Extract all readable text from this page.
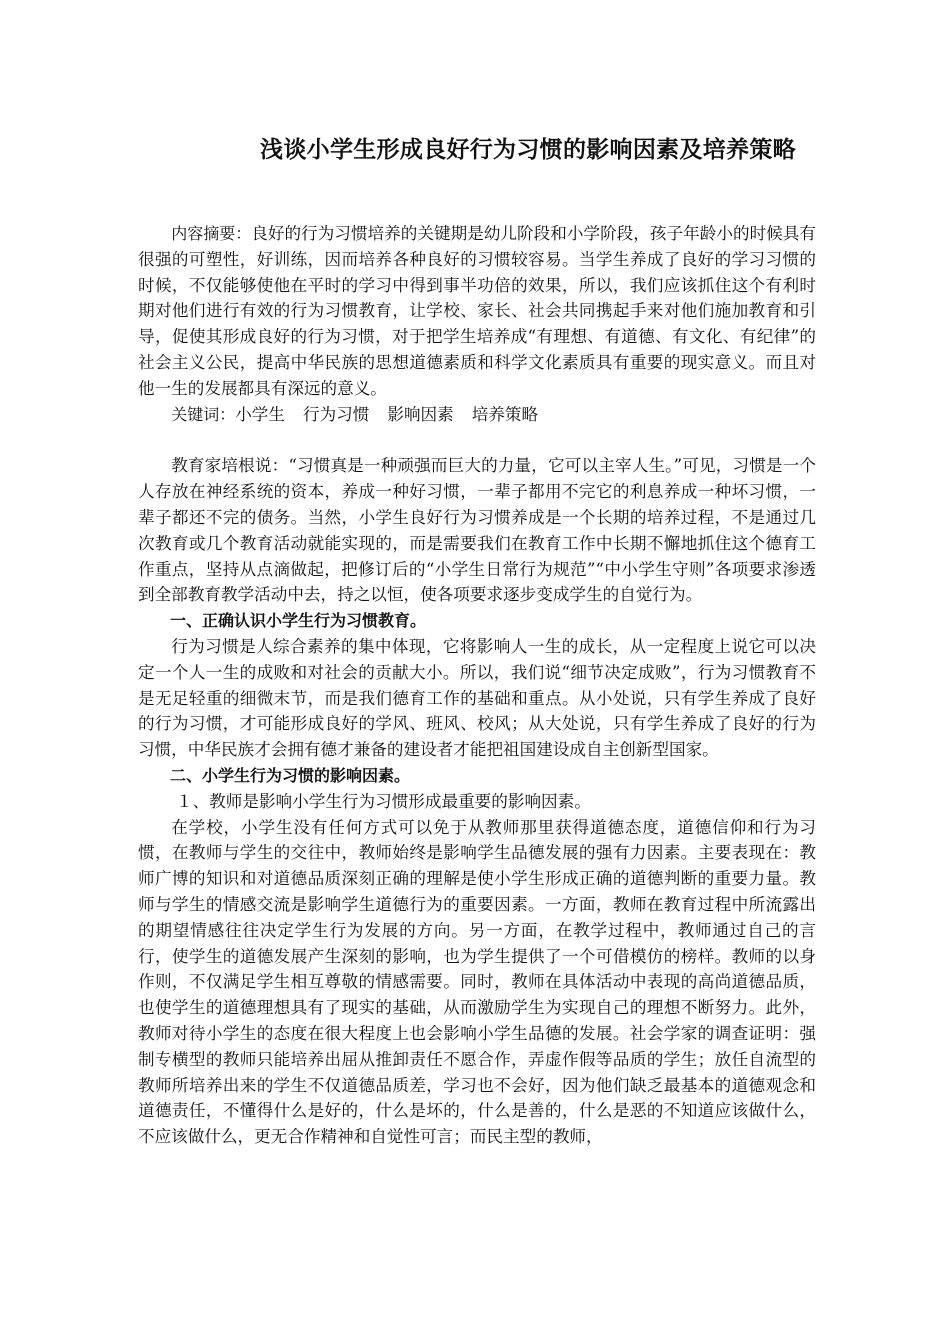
浅谈小学生形成良好行为习惯的影响因素及培养策略

内容摘要：良好的行为习惯培养的关键期是幼儿阶段和小学阶段，孩子年龄小的时候具有很强的可塑性，好训练，因而培养各种良好的习惯较容易。当学生养成了良好的学习习惯的时候，不仅能够使他在平时的学习中得到事半功倍的效果，所以，我们应该抓住这个有利时期对他们进行有效的行为习惯教育，让学校、家长、社会共同携起手来对他们施加教育和引导，促使其形成良好的行为习惯，对于把学生培养成“有理想、有道德、有文化、有纪律”的社会主义公民，提高中华民族的思想道德素质和科学文化素质具有重要的现实意义。而且对他一生的发展都具有深远的意义。

关键词：小学生 行为习惯 影响因素 培养策略

教育家培根说：“习惯真是一种顽强而巨大的力量，它可以主宰人生。”可见，习惯是一个人存放在神经系统的资本，养成一种好习惯，一辈子都用不完它的利息养成一种坏习惯，一辈子都还不完的债务。当然，小学生良好行为习惯养成是一个长期的培养过程，不是通过几次教育或几个教育活动就能实现的，而是需要我们在教育工作中长期不懈地抓住这个德育工作重点，坚持从点滴做起，把修订后的“小学生日常行为规范”“中小学生守则”各项要求渗透到全部教育教学活动中去，持之以恒，使各项要求逐步变成学生的自觉行为。

一、正确认识小学生行为习惯教育。

行为习惯是人综合素养的集中体现，它将影响人一生的成长，从一定程度上说它可以决定一个人一生的成败和对社会的贡献大小。所以，我们说“细节决定成败”，行为习惯教育不是无足轻重的细微末节，而是我们德育工作的基础和重点。从小处说，只有学生养成了良好的行为习惯，才可能形成良好的学风、班风、校风；从大处说，只有学生养成了良好的行为习惯，中华民族才会拥有德才兼备的建设者才能把祖国建设成自主创新型国家。

二、小学生行为习惯的影响因素。

１、教师是影响小学生行为习惯形成最重要的影响因素。

在学校，小学生没有任何方式可以免于从教师那里获得道德态度，道德信仰和行为习惯，在教师与学生的交往中，教师始终是影响学生品德发展的强有力因素。主要表现在：教师广博的知识和对道德品质深刻正确的理解是使小学生形成正确的道德判断的重要力量。教师与学生的情感交流是影响学生道德行为的重要因素。一方面，教师在教育过程中所流露出的期望情感往往决定学生行为发展的方向。另一方面，在教学过程中，教师通过自己的言行，使学生的道德发展产生深刻的影响，也为学生提供了一个可借模仿的榜样。教师的以身作则，不仅满足学生相互尊敬的情感需要。同时，教师在具体活动中表现的高尚道德品质，也使学生的道德理想具有了现实的基础，从而激励学生为实现自己的理想不断努力。此外，教师对待小学生的态度在很大程度上也会影响小学生品德的发展。社会学家的调查证明：强制专横型的教师只能培养出屈从推卸责任不愿合作，弄虚作假等品质的学生；放任自流型的教师所培养出来的学生不仅道德品质差，学习也不会好，因为他们缺乏最基本的道德观念和道德责任，不懂得什么是好的，什么是坏的，什么是善的，什么是恶的不知道应该做什么，不应该做什么，更无合作精神和自觉性可言；而民主型的教师，
